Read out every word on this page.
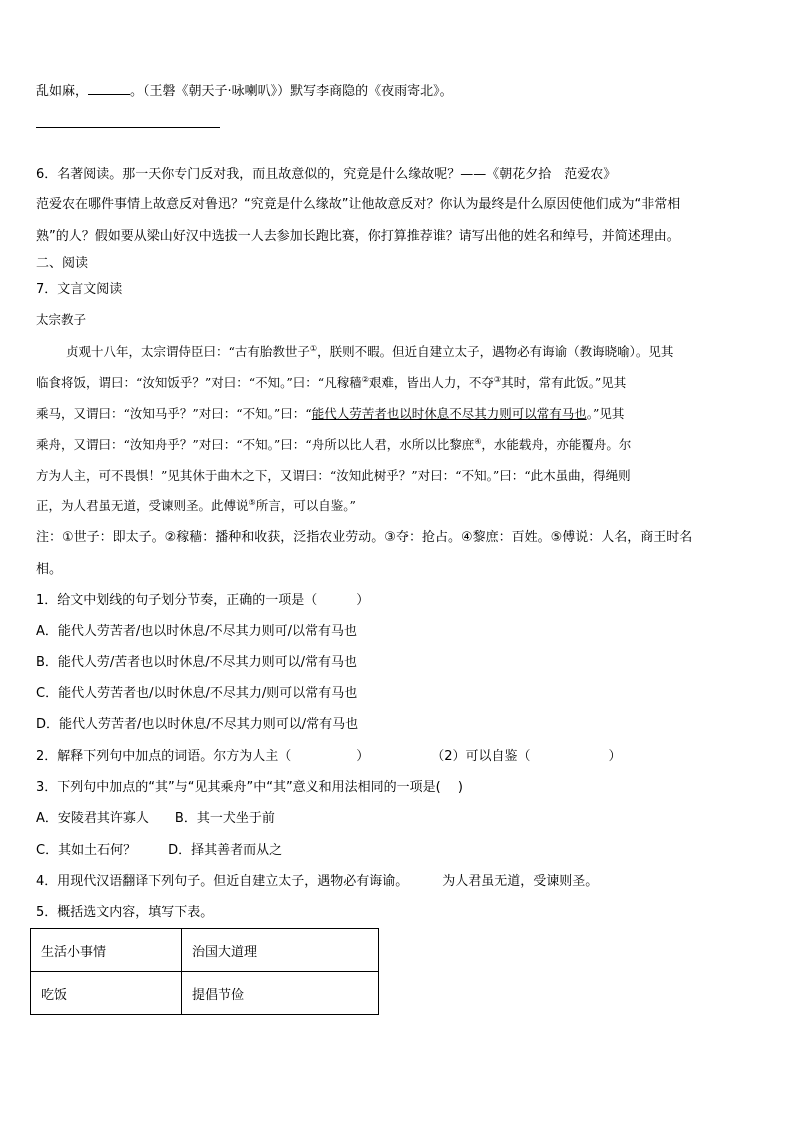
乱如麻，	。（王磐《朝天子·咏喇叭》）默写李商隐的《夜雨寄北》。
6．名著阅读。那一天你专门反对我，而且故意似的，究竟是什么缘故呢？——《朝花夕拾　范爱农》
范爱农在哪件事情上故意反对鲁迅？“究竟是什么缘故”让他故意反对？你认为最终是什么原因使他们成为“非常相
熟”的人？假如要从梁山好汉中选拔一人去参加长跑比赛，你打算推荐谁？请写出他的姓名和绰号，并简述理由。
二、阅读
7．文言文阅读
太宗教子
贞观十八年，太宗谓侍臣曰：“古有胎教世子①，朕则不暇。但近自建立太子，遇物必有诲谕（教诲晓喻）。见其
临食将饭，谓曰：“汝知饭乎？”对曰：“不知。”曰：“凡稼穑②艰难，皆出人力，不夺③其时，常有此饭。”见其
乘马，又谓曰：“汝知马乎？”对曰：“不知。”曰：“能代人劳苦者也以时休息不尽其力则可以常有马也。”见其
乘舟，又谓曰：“汝知舟乎？”对曰：“不知。”曰：“舟所以比人君，水所以比黎庶④，水能载舟，亦能覆舟。尔
方为人主，可不畏惧！”见其休于曲木之下，又谓曰：“汝知此树乎？”对曰：“不知。”曰：“此木虽曲，得绳则
正，为人君虽无道，受谏则圣。此傅说⑤所言，可以自鉴。”
注：①世子：即太子。②稼穑：播种和收获，泛指农业劳动。③夺：抢占。④黎庶：百姓。⑤傅说：人名，商王时名
相。
1．给文中划线的句子划分节奏，正确的一项是（　　　）
A．能代人劳苦者/也以时休息/不尽其力则可/以常有马也
B．能代人劳/苦者也以时休息/不尽其力则可以/常有马也
C．能代人劳苦者也/以时休息/不尽其力/则可以常有马也
D．能代人劳苦者/也以时休息/不尽其力则可以/常有马也
2．解释下列句中加点的词语。尔方为人主（　　　　　）	（2）可以自鉴（　　　　　　）
3．下列句中加点的“其”与“见其乘舟”中“其”意义和用法相同的一项是(　 )
A．安陵君其许寡人 B．其一犬坐于前
C．其如土石何？ D．择其善者而从之
4．用现代汉语翻译下列句子。但近自建立太子，遇物必有诲谕。	为人君虽无道，受谏则圣。
5．概括选文内容，填写下表。
生活小事情	治国大道理
吃饭	提倡节俭
